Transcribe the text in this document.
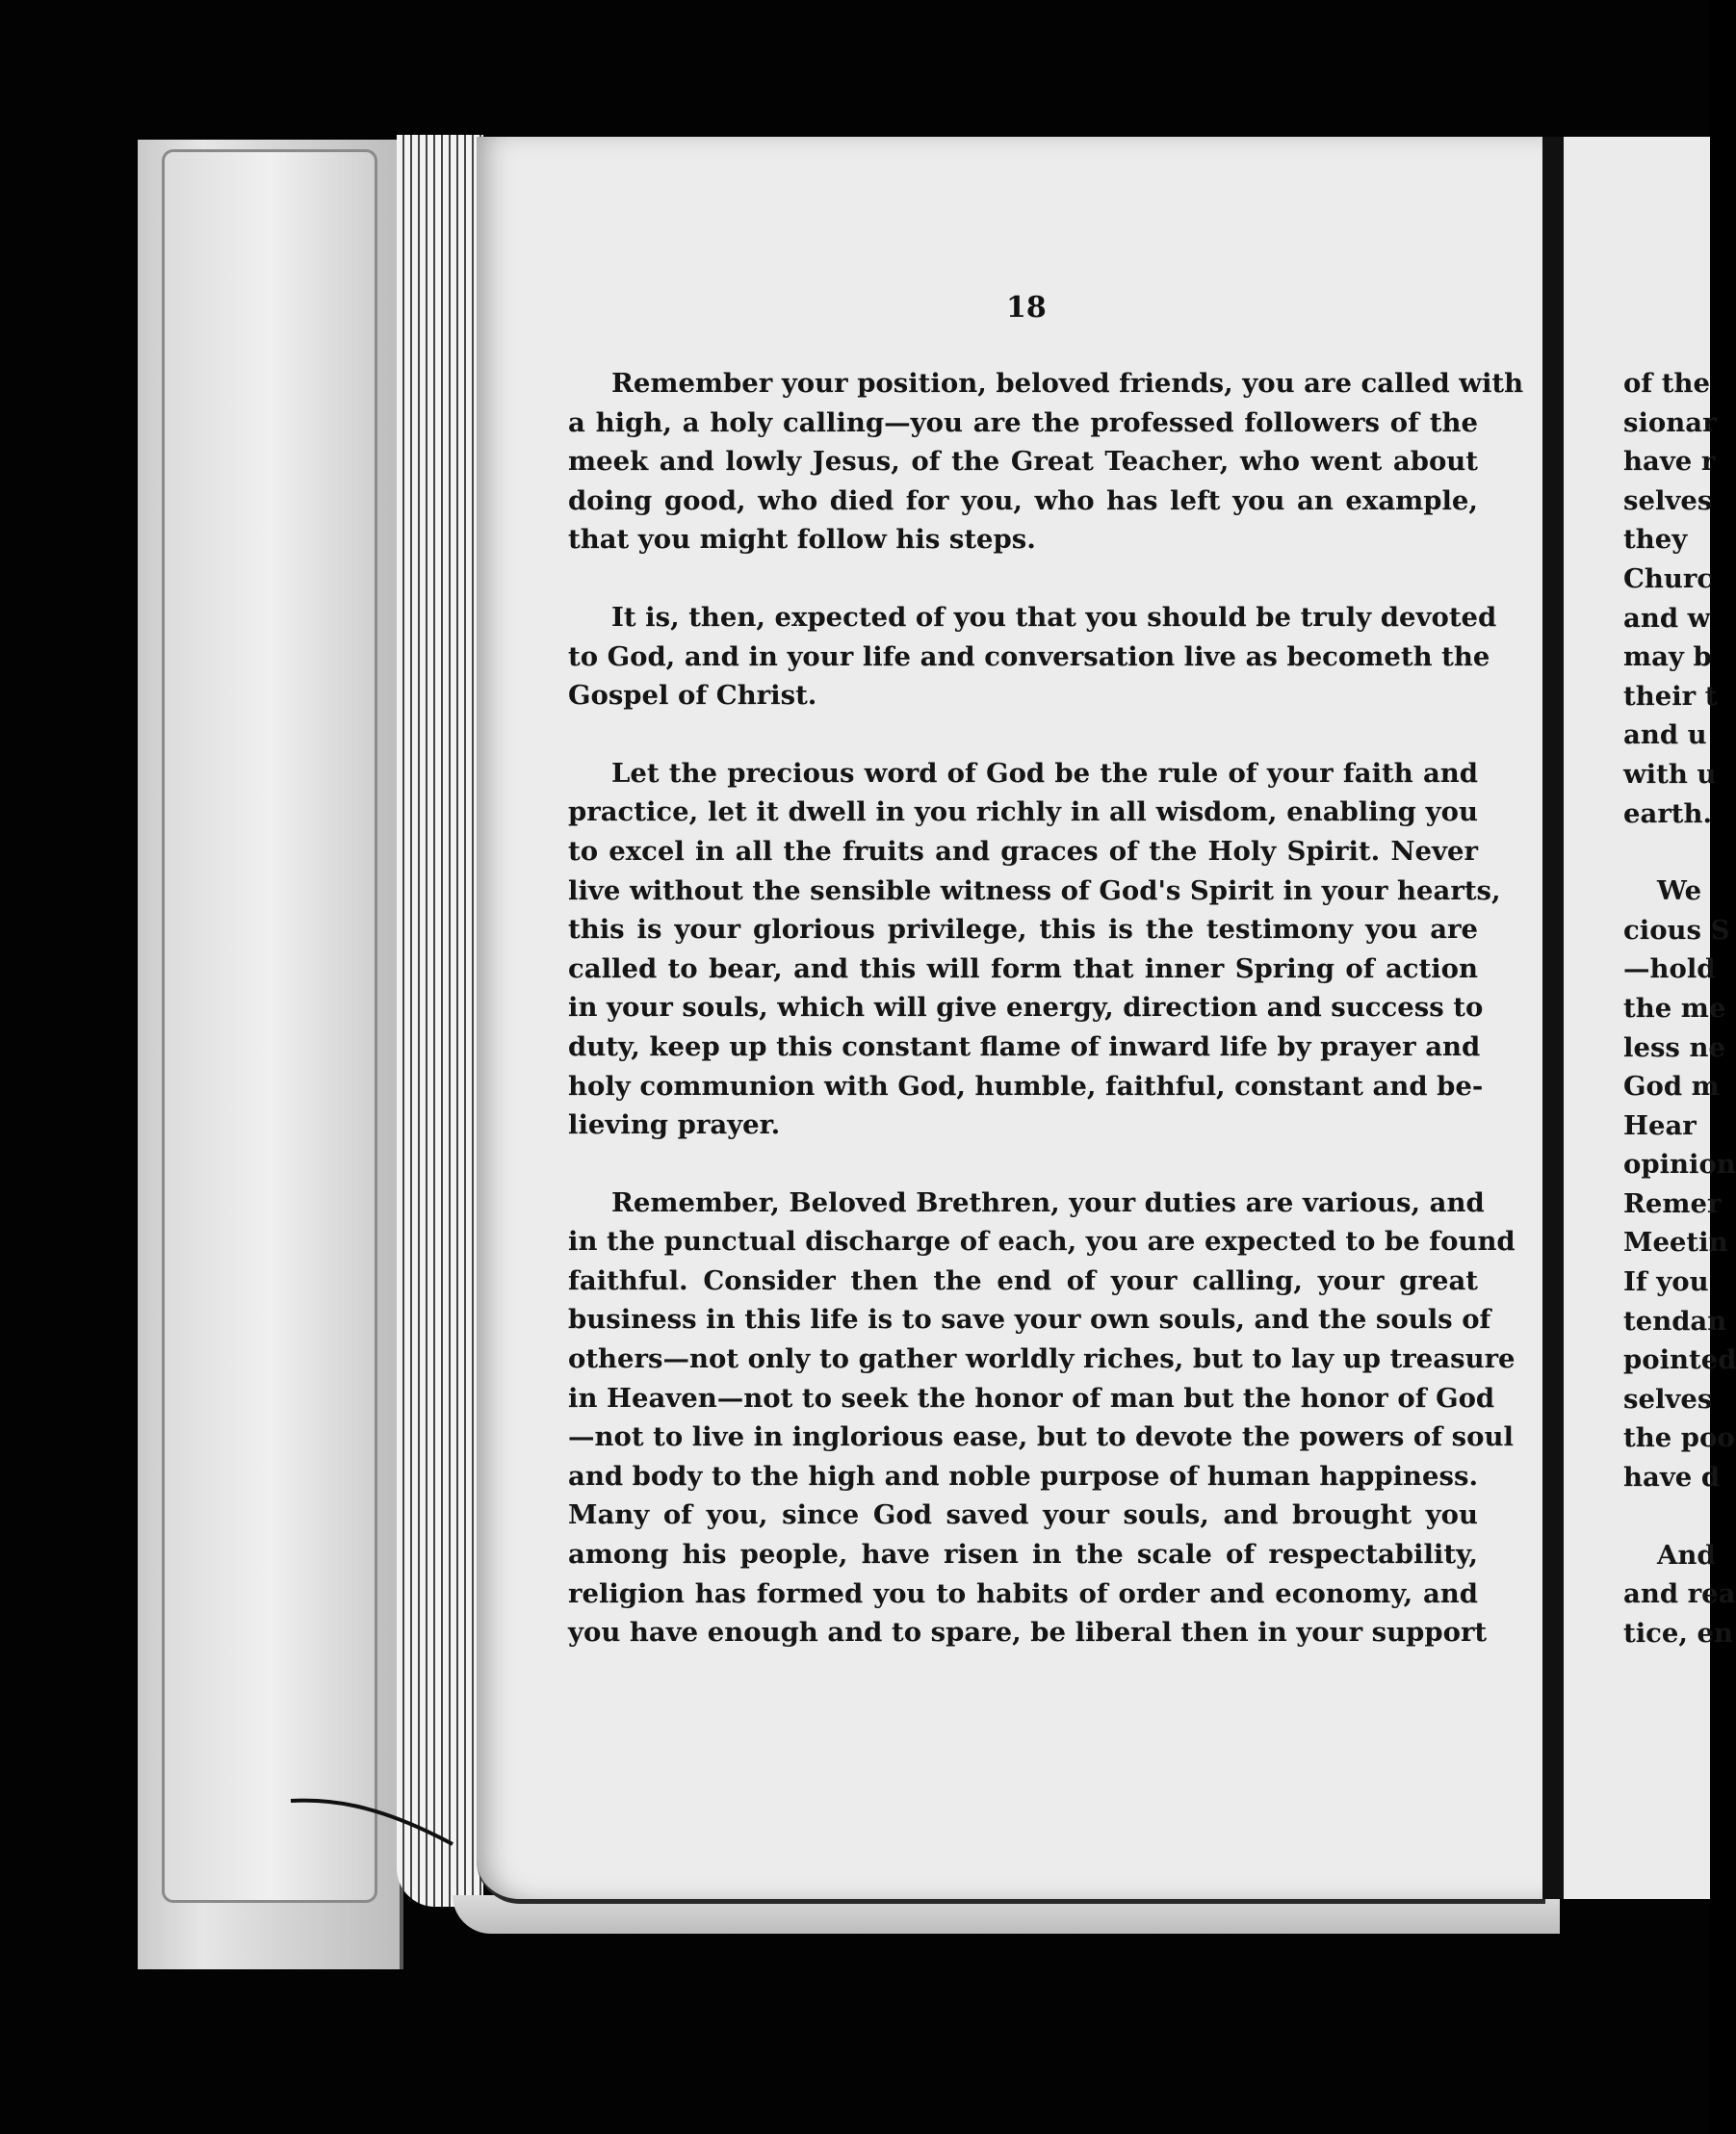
18
Remember your position, beloved friends, you are called with
a high, a holy calling—you are the professed followers of the
meek and lowly Jesus, of the Great Teacher, who went about
doing good, who died for you, who has left you an example,
that you might follow his steps.
It is, then, expected of you that you should be truly devoted
to God, and in your life and conversation live as becometh the
Gospel of Christ.
Let the precious word of God be the rule of your faith and
practice, let it dwell in you richly in all wisdom, enabling you
to excel in all the fruits and graces of the Holy Spirit. Never
live without the sensible witness of God's Spirit in your hearts,
this is your glorious privilege, this is the testimony you are
called to bear, and this will form that inner Spring of action
in your souls, which will give energy, direction and success to
duty, keep up this constant flame of inward life by prayer and
holy communion with God, humble, faithful, constant and be-
lieving prayer.
Remember, Beloved Brethren, your duties are various, and
in the punctual discharge of each, you are expected to be found
faithful. Consider then the end of your calling, your great
business in this life is to save your own souls, and the souls of
others—not only to gather worldly riches, but to lay up treasure
in Heaven—not to seek the honor of man but the honor of God
—not to live in inglorious ease, but to devote the powers of soul
and body to the high and noble purpose of human happiness.
Many of you, since God saved your souls, and brought you
among his people, have risen in the scale of respectability,
religion has formed you to habits of order and economy, and
you have enough and to spare, be liberal then in your support
of the
sionar
have r
selves
they
Churc
and w
may b
their t
and u
with u
earth.
We
cious S
—hold
the me
less ne
God m
Hear
opinion
Remer
Meetin
If you
tendan
pointed
selves
the poo
have d
And
and rea
tice, en
